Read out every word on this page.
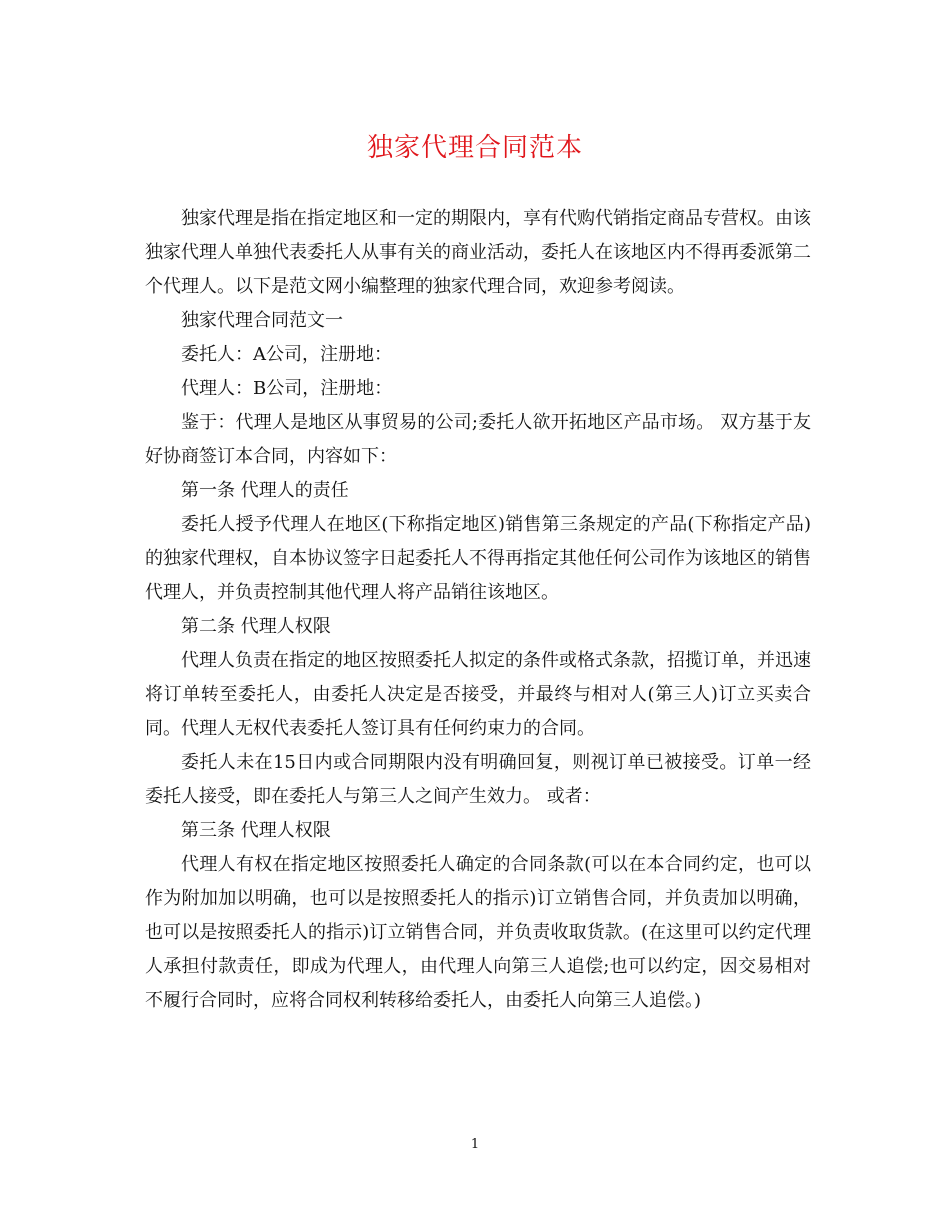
独家代理合同范本

独家代理是指在指定地区和一定的期限内，享有代购代销指定商品专营权。由该独家代理人单独代表委托人从事有关的商业活动，委托人在该地区内不得再委派第二个代理人。以下是范文网小编整理的独家代理合同，欢迎参考阅读。

独家代理合同范文一

委托人：A公司，注册地：

代理人：B公司，注册地：

鉴于：代理人是地区从事贸易的公司;委托人欲开拓地区产品市场。 双方基于友好协商签订本合同，内容如下：

第一条 代理人的责任

委托人授予代理人在地区(下称指定地区)销售第三条规定的产品(下称指定产品)的独家代理权，自本协议签字日起委托人不得再指定其他任何公司作为该地区的销售代理人，并负责控制其他代理人将产品销往该地区。

第二条 代理人权限

代理人负责在指定的地区按照委托人拟定的条件或格式条款，招揽订单，并迅速将订单转至委托人，由委托人决定是否接受，并最终与相对人(第三人)订立买卖合同。代理人无权代表委托人签订具有任何约束力的合同。

委托人未在15日内或合同期限内没有明确回复，则视订单已被接受。订单一经委托人接受，即在委托人与第三人之间产生效力。 或者：

第三条 代理人权限

代理人有权在指定地区按照委托人确定的合同条款(可以在本合同约定，也可以作为附加加以明确，也可以是按照委托人的指示)订立销售合同，并负责加以明确，也可以是按照委托人的指示)订立销售合同，并负责收取货款。(在这里可以约定代理人承担付款责任，即成为代理人，由代理人向第三人追偿;也可以约定，因交易相对不履行合同时，应将合同权利转移给委托人，由委托人向第三人追偿。)

1
